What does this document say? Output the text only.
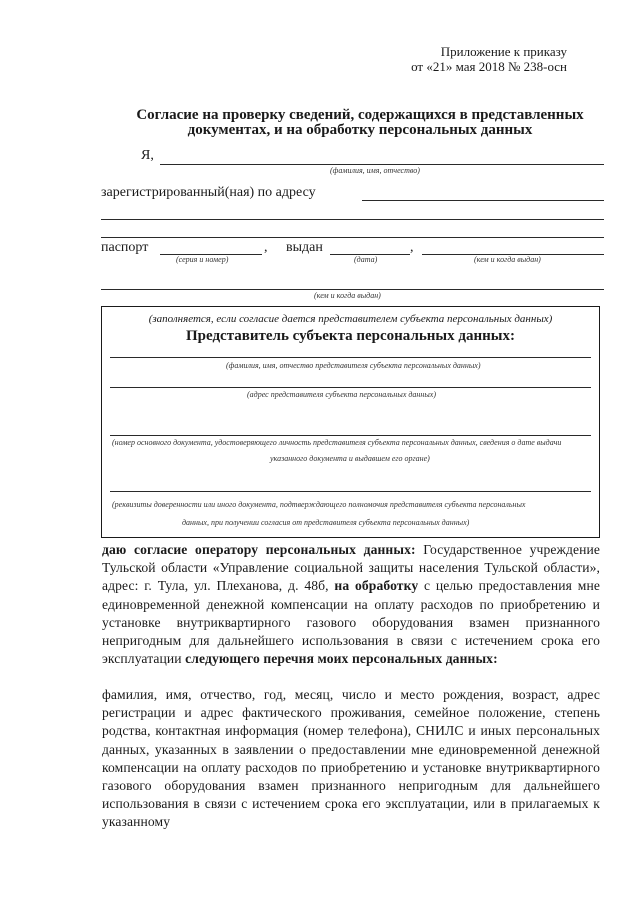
Приложение к приказу
от «21» мая 2018 № 238-осн
Согласие на проверку сведений, содержащихся в представленных
документах, и на обработку персональных данных
Я,
(фамилия, имя, отчество)
зарегистрированный(ная) по адресу
паспорт	, выдан	,
(серия и номер)	(дата)	(кем и когда выдан)
(кем и когда выдан)
(заполняется, если согласие дается представителем субъекта персональных данных)
Представитель субъекта персональных данных:
(фамилия, имя, отчество представителя субъекта персональных данных)
(адрес представителя субъекта персональных данных)
(номер основного документа, удостоверяющего личность представителя субъекта персональных данных, сведения о дате выдачи
указанного документа и выдавшем его органе)
(реквизиты доверенности или иного документа, подтверждающего полномочия представителя субъекта персональных
данных, при получении согласия от представителя субъекта персональных данных)
даю согласие оператору персональных данных: Государственное учреждение Тульской области «Управление социальной защиты населения Тульской области», адрес: г. Тула, ул. Плеханова, д. 48б, на обработку с целью предоставления мне единовременной денежной компенсации на оплату расходов по приобретению и установке внутриквартирного газового оборудования взамен признанного непригодным для дальнейшего использования в связи с истечением срока его эксплуатации следующего перечня моих персональных данных:
фамилия, имя, отчество, год, месяц, число и место рождения, возраст, адрес регистрации и адрес фактического проживания, семейное положение, степень родства, контактная информация (номер телефона), СНИЛС и иных персональных данных, указанных в заявлении о предоставлении мне единовременной денежной компенсации на оплату расходов по приобретению и установке внутриквартирного газового оборудования взамен признанного непригодным для дальнейшего использования в связи с истечением срока его эксплуатации, или в прилагаемых к указанному
